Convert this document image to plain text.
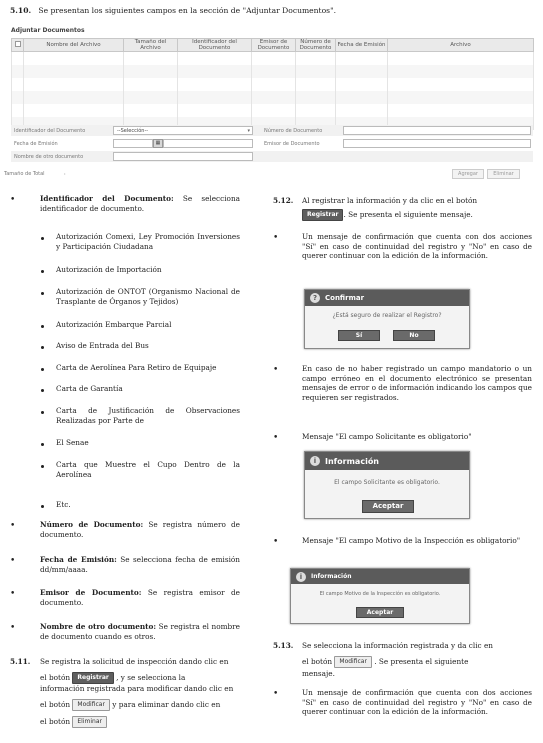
5.10. Se presentan los siguientes campos en la sección de "Adjuntar Documentos".
Adjuntar Documentos
	Nombre del Archivo	Tamaño del Archivo	Identificador del Documento	Emisor de Documento	Número de Documento	Fecha de Emisión	Archivo

Identificador del Documento	--Selección--	▾	Número de Documento
Fecha de Emisión	▦	Emisor de Documento
Nombre de otro documento
Tamaño de Total	:	Agregar	Eliminar
•	Identificador del Documento: Se selecciona identificador de documento.
Autorización Comexi, Ley Promoción Inversiones y Participación Ciudadana
Autorización de Importación
Autorización de ONTOT (Organismo Nacional de Trasplante de Órganos y Tejidos)
Autorización Embarque Parcial
Aviso de Entrada del Bus
Carta de Aerolínea Para Retiro de Equipaje
Carta de Garantía
Carta de Justificación de Observaciones Realizadas por Parte de
El Senae
Carta que Muestre el Cupo Dentro de la Aerolínea
Etc.
•	Número de Documento: Se registra número de documento.
•	Fecha de Emisión: Se selecciona fecha de emisión dd/mm/aaaa.
•	Emisor de Documento: Se registra emisor de documento.
•	Nombre de otro documento: Se registra el nombre de documento cuando es otros.
5.11. Se registra la solicitud de inspección dando clic en
el botón Registrar , y se selecciona la
información registrada para modificar dando clic en
el botón Modificar y para eliminar dando clic en
el botón Eliminar
5.12. Al registrar la información y da clic en el botón
Registrar . Se presenta el siguiente mensaje.
•	Un mensaje de confirmación que cuenta con dos acciones "Sí" en caso de continuidad del registro y "No" en caso de querer continuar con la edición de la información.
?	Confirmar
¿Está seguro de realizar el Registro?
Sí	No
•	En caso de no haber registrado un campo mandatorio o un campo erróneo en el documento electrónico se presentan mensajes de error o de información indicando los campos que requieren ser registrados.
•	Mensaje "El campo Solicitante es obligatorio"
i	Información
El campo Solicitante es obligatorio.
Aceptar
•	Mensaje "El campo Motivo de la Inspección es obligatorio"
i	Información
El campo Motivo de la Inspección es obligatorio.
Aceptar
5.13. Se selecciona la información registrada y da clic en
el botón Modificar . Se presenta el siguiente
mensaje.
•	Un mensaje de confirmación que cuenta con dos acciones "Sí" en caso de continuidad del registro y "No" en caso de querer continuar con la edición de la información.
